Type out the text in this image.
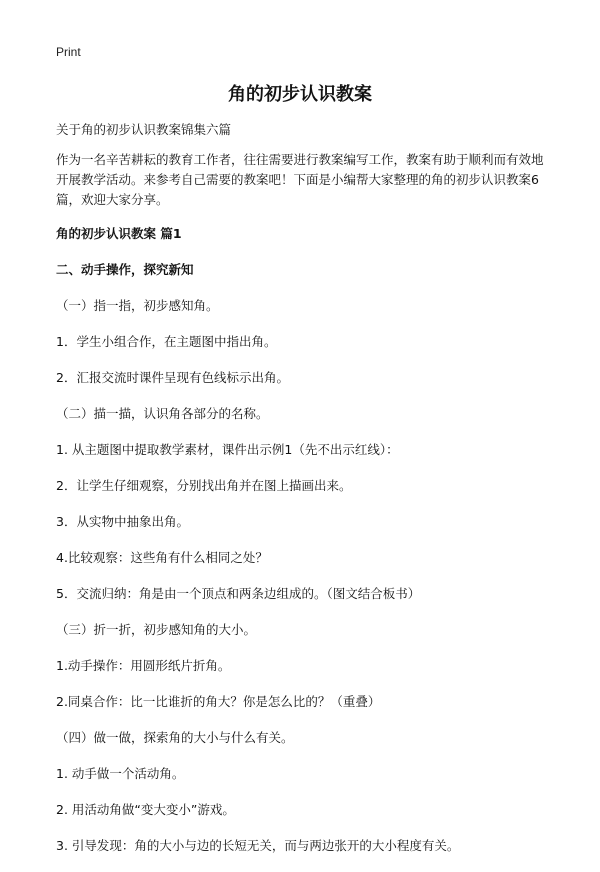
Print
角的初步认识教案

关于角的初步认识教案锦集六篇

作为一名辛苦耕耘的教育工作者，往往需要进行教案编写工作，教案有助于顺利而有效地开展教学活动。来参考自己需要的教案吧！下面是小编帮大家整理的角的初步认识教案6篇，欢迎大家分享。

角的初步认识教案 篇1

二、动手操作，探究新知

（一）指一指，初步感知角。

1．学生小组合作，在主题图中指出角。

2．汇报交流时课件呈现有色线标示出角。

（二）描一描，认识角各部分的名称。

1. 从主题图中提取教学素材，课件出示例1（先不出示红线）：

2．让学生仔细观察，分别找出角并在图上描画出来。

3．从实物中抽象出角。

4.比较观察：这些角有什么相同之处？

5．交流归纳：角是由一个顶点和两条边组成的。（图文结合板书）

（三）折一折，初步感知角的大小。

1.动手操作：用圆形纸片折角。

2.同桌合作：比一比谁折的角大？你是怎么比的？（重叠）

（四）做一做，探索角的大小与什么有关。

1. 动手做一个活动角。

2. 用活动角做“变大变小”游戏。

3. 引导发现：角的大小与边的长短无关，而与两边张开的大小程度有关。
